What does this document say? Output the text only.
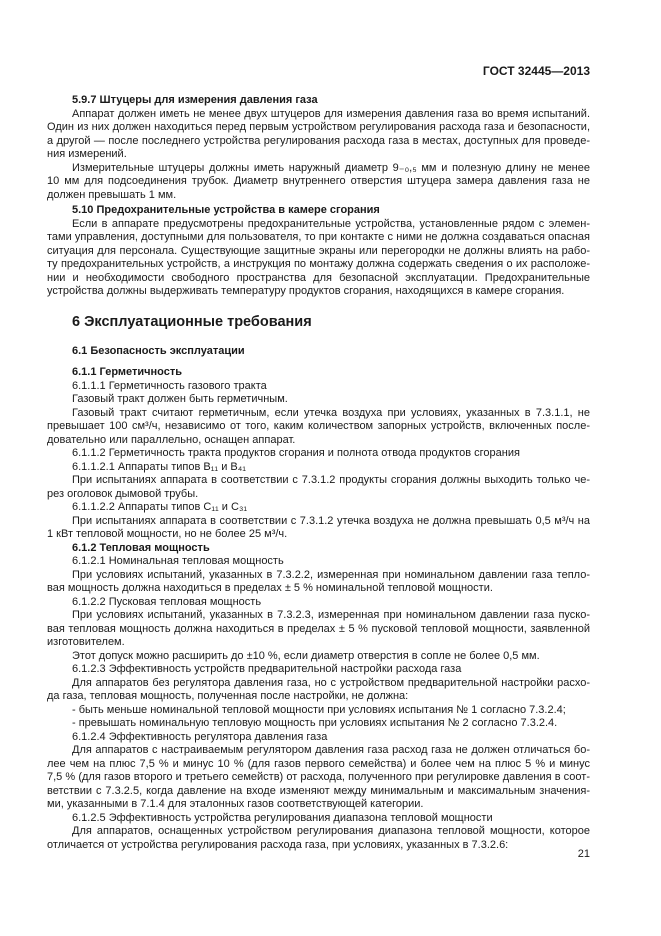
ГОСТ 32445—2013
5.9.7 Штуцеры для измерения давления газа
Аппарат должен иметь не менее двух штуцеров для измерения давления газа во время испытаний.
Один из них должен находиться перед первым устройством регулирования расхода газа и безопасности,
а другой — после последнего устройства регулирования расхода газа в местах, доступных для проведе-
ния измерений.
Измерительные штуцеры должны иметь наружный диаметр 9₋₀,₅ мм и полезную длину не менее
10 мм для подсоединения трубок. Диаметр внутреннего отверстия штуцера замера давления газа не
должен превышать 1 мм.
5.10 Предохранительные устройства в камере сгорания
Если в аппарате предусмотрены предохранительные устройства, установленные рядом с элемен-
тами управления, доступными для пользователя, то при контакте с ними не должна создаваться опасная
ситуация для персонала. Существующие защитные экраны или перегородки не должны влиять на рабо-
ту предохранительных устройств, а инструкция по монтажу должна содержать сведения о их расположе-
нии и необходимости свободного пространства для безопасной эксплуатации. Предохранительные
устройства должны выдерживать температуру продуктов сгорания, находящихся в камере сгорания.
6 Эксплуатационные требования
6.1 Безопасность эксплуатации
6.1.1 Герметичность
6.1.1.1 Герметичность газового тракта
Газовый тракт должен быть герметичным.
Газовый тракт считают герметичным, если утечка воздуха при условиях, указанных в 7.3.1.1, не
превышает 100 см³/ч, независимо от того, каким количеством запорных устройств, включенных после-
довательно или параллельно, оснащен аппарат.
6.1.1.2 Герметичность тракта продуктов сгорания и полнота отвода продуктов сгорания
6.1.1.2.1 Аппараты типов B₁₁ и B₄₁
При испытаниях аппарата в соответствии с 7.3.1.2 продукты сгорания должны выходить только че-
рез оголовок дымовой трубы.
6.1.1.2.2 Аппараты типов C₁₁ и C₃₁
При испытаниях аппарата в соответствии с 7.3.1.2 утечка воздуха не должна превышать 0,5 м³/ч на
1 кВт тепловой мощности, но не более 25 м³/ч.
6.1.2 Тепловая мощность
6.1.2.1 Номинальная тепловая мощность
При условиях испытаний, указанных в 7.3.2.2, измеренная при номинальном давлении газа тепло-
вая мощность должна находиться в пределах ± 5 % номинальной тепловой мощности.
6.1.2.2 Пусковая тепловая мощность
При условиях испытаний, указанных в 7.3.2.3, измеренная при номинальном давлении газа пуско-
вая тепловая мощность должна находиться в пределах ± 5 % пусковой тепловой мощности, заявленной
изготовителем.
Этот допуск можно расширить до ±10 %, если диаметр отверстия в сопле не более 0,5 мм.
6.1.2.3 Эффективность устройств предварительной настройки расхода газа
Для аппаратов без регулятора давления газа, но с устройством предварительной настройки расхо-
да газа, тепловая мощность, полученная после настройки, не должна:
- быть меньше номинальной тепловой мощности при условиях испытания № 1 согласно 7.3.2.4;
- превышать номинальную тепловую мощность при условиях испытания № 2 согласно 7.3.2.4.
6.1.2.4 Эффективность регулятора давления газа
Для аппаратов с настраиваемым регулятором давления газа расход газа не должен отличаться бо-
лее чем на плюс 7,5 % и минус 10 % (для газов первого семейства) и более чем на плюс 5 % и минус
7,5 % (для газов второго и третьего семейств) от расхода, полученного при регулировке давления в соот-
ветствии с 7.3.2.5, когда давление на входе изменяют между минимальным и максимальным значения-
ми, указанными в 7.1.4 для эталонных газов соответствующей категории.
6.1.2.5 Эффективность устройства регулирования диапазона тепловой мощности
Для аппаратов, оснащенных устройством регулирования диапазона тепловой мощности, которое
отличается от устройства регулирования расхода газа, при условиях, указанных в 7.3.2.6:
21
